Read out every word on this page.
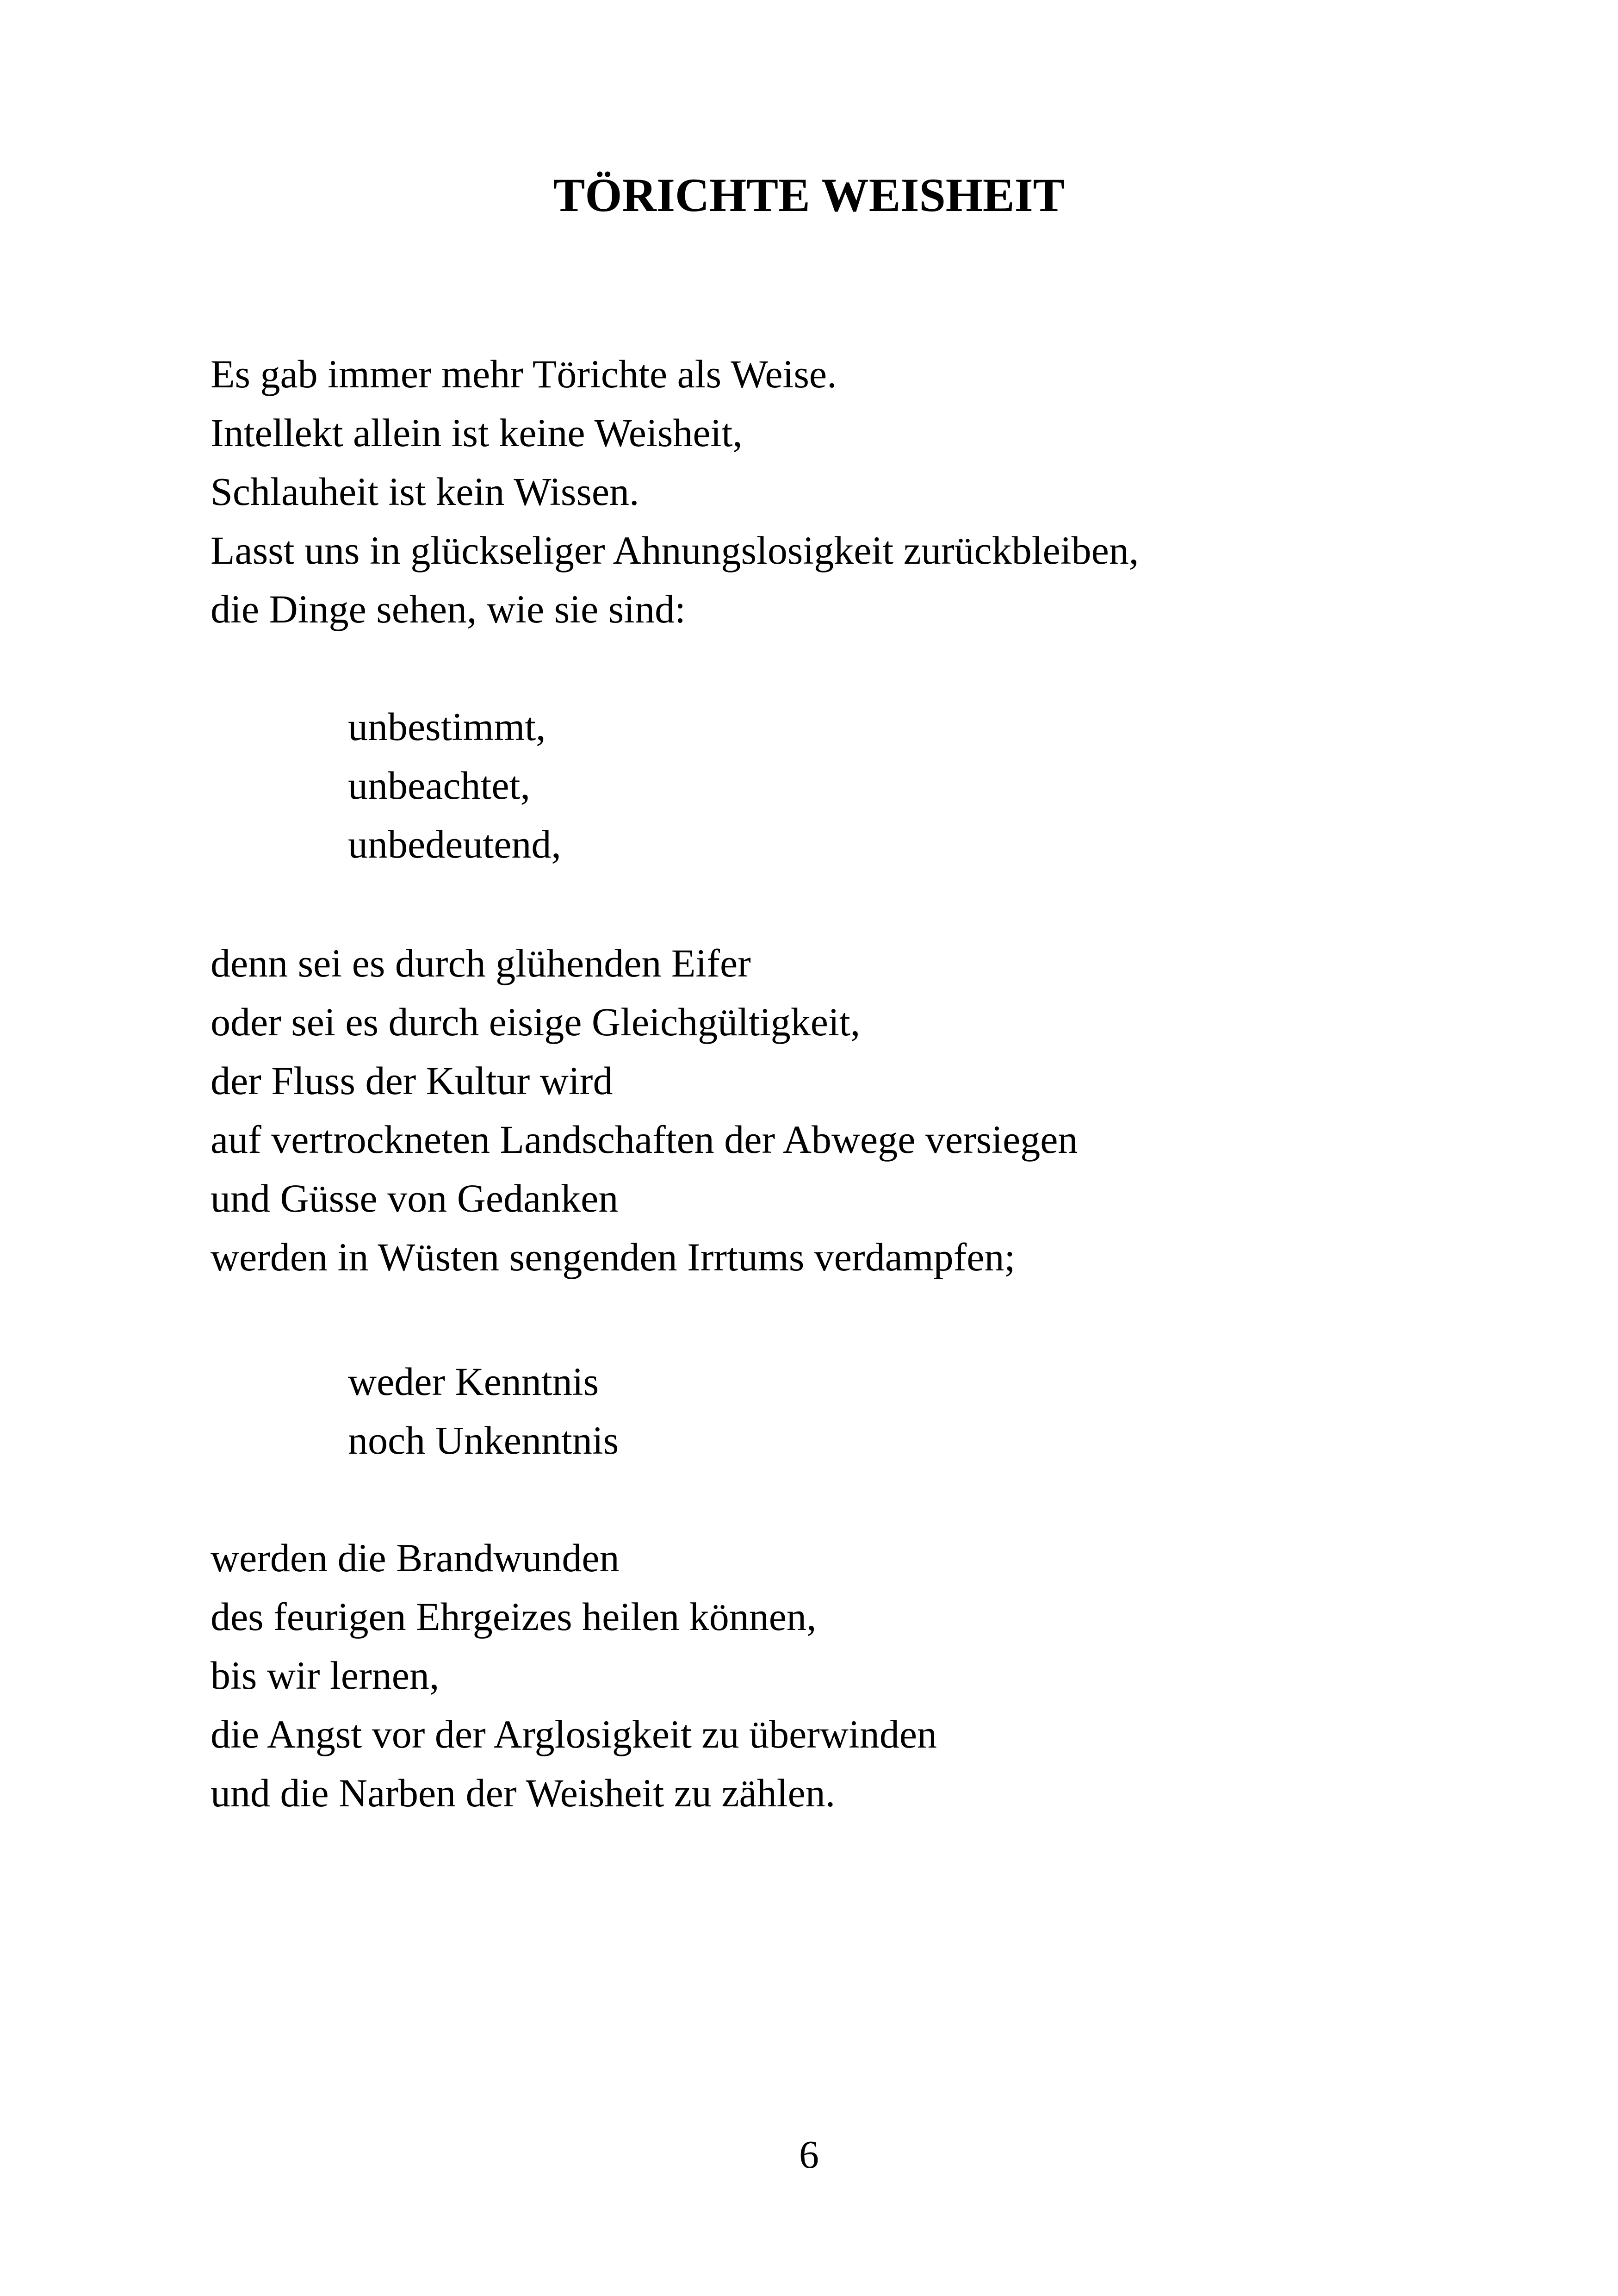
TÖRICHTE WEISHEIT
Es gab immer mehr Törichte als Weise.
Intellekt allein ist keine Weisheit,
Schlauheit ist kein Wissen.
Lasst uns in glückseliger Ahnungslosigkeit zurückbleiben,
die Dinge sehen, wie sie sind:
unbestimmt,
unbeachtet,
unbedeutend,
denn sei es durch glühenden Eifer
oder sei es durch eisige Gleichgültigkeit,
der Fluss der Kultur wird
auf vertrockneten Landschaften der Abwege versiegen
und Güsse von Gedanken
werden in Wüsten sengenden Irrtums verdampfen;
weder Kenntnis
noch Unkenntnis
werden die Brandwunden
des feurigen Ehrgeizes heilen können,
bis wir lernen,
die Angst vor der Arglosigkeit zu überwinden
und die Narben der Weisheit zu zählen.
6
